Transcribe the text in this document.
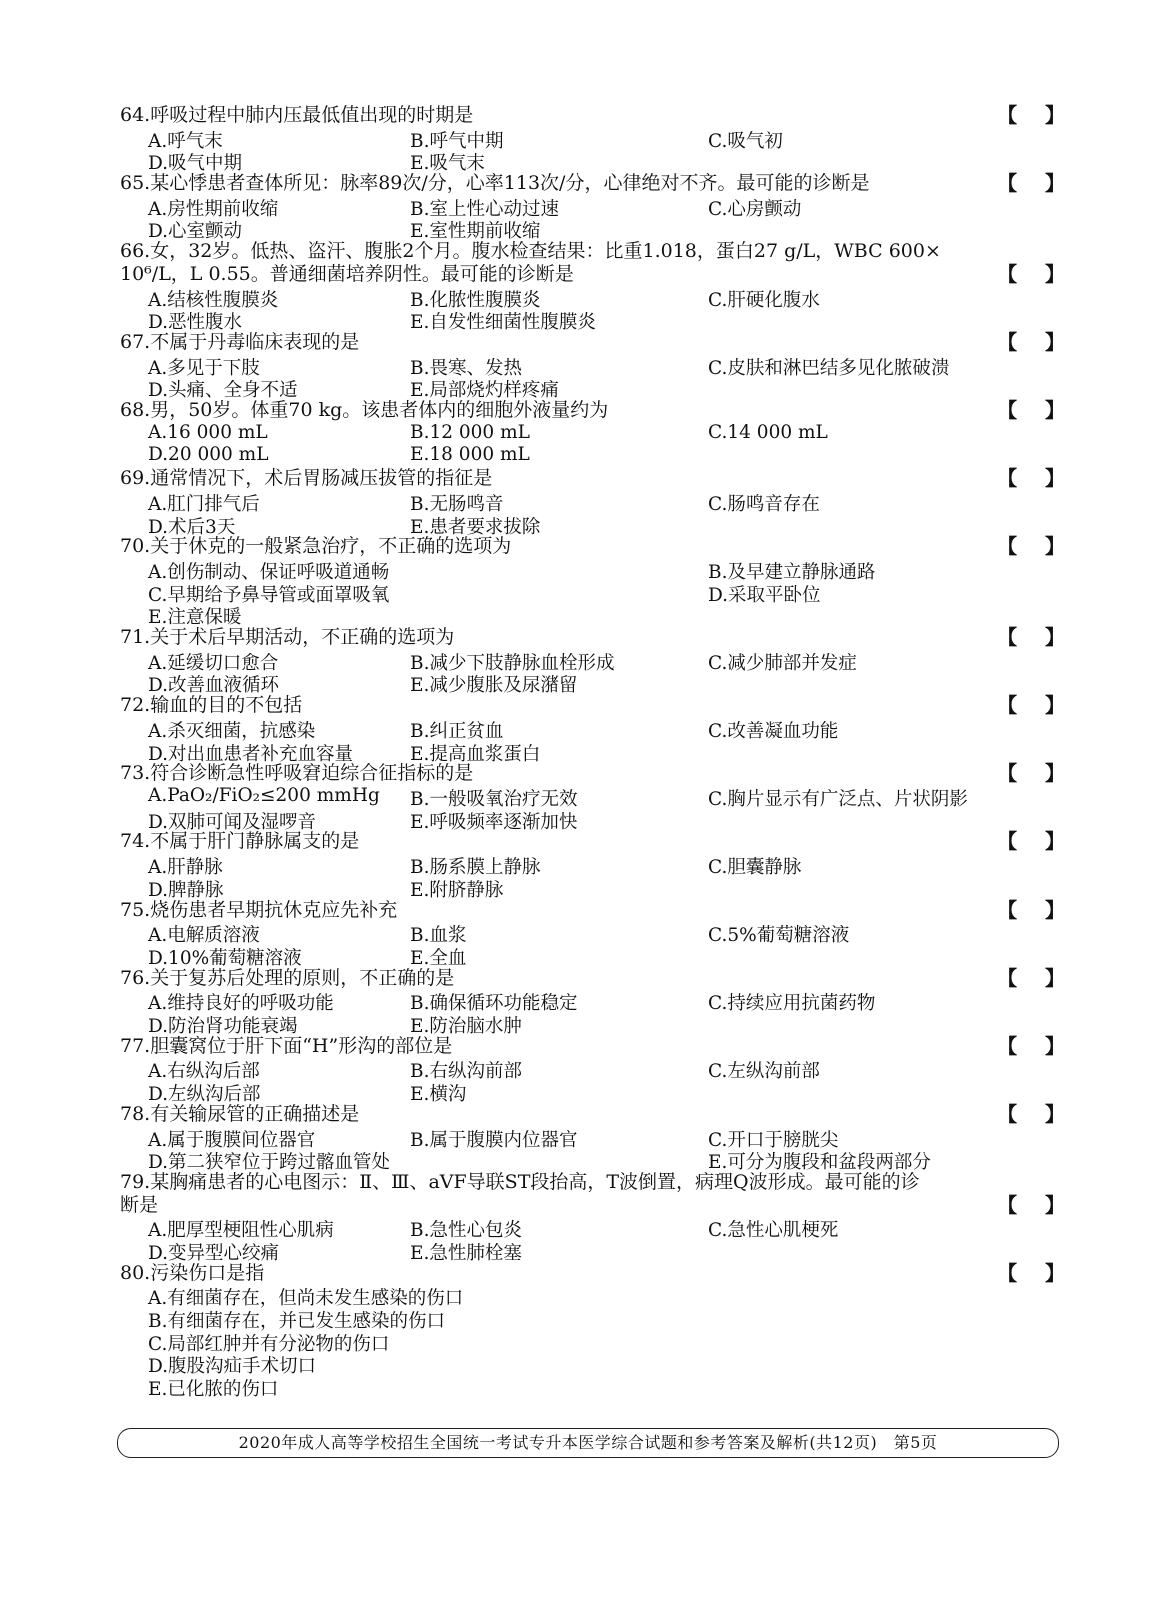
64.呼吸过程中肺内压最低值出现的时期是	【    】
A.呼气末	B.呼气中期	C.吸气初
D.吸气中期	E.吸气末
65.某心悸患者查体所见：脉率89次/分，心率113次/分，心律绝对不齐。最可能的诊断是	【    】
A.房性期前收缩	B.室上性心动过速	C.心房颤动
D.心室颤动	E.室性期前收缩
66.女，32岁。低热、盗汗、腹胀2个月。腹水检查结果：比重1.018，蛋白27 g/L，WBC 600×
10⁶/L，L 0.55。普通细菌培养阴性。最可能的诊断是	【    】
A.结核性腹膜炎	B.化脓性腹膜炎	C.肝硬化腹水
D.恶性腹水	E.自发性细菌性腹膜炎
67.不属于丹毒临床表现的是	【    】
A.多见于下肢	B.畏寒、发热	C.皮肤和淋巴结多见化脓破溃
D.头痛、全身不适	E.局部烧灼样疼痛
68.男，50岁。体重70 kg。该患者体内的细胞外液量约为	【    】
A.16 000 mL	B.12 000 mL	C.14 000 mL
D.20 000 mL	E.18 000 mL
69.通常情况下，术后胃肠减压拔管的指征是	【    】
A.肛门排气后	B.无肠鸣音	C.肠鸣音存在
D.术后3天	E.患者要求拔除
70.关于休克的一般紧急治疗，不正确的选项为	【    】
A.创伤制动、保证呼吸道通畅	B.及早建立静脉通路
C.早期给予鼻导管或面罩吸氧	D.采取平卧位
E.注意保暖
71.关于术后早期活动，不正确的选项为	【    】
A.延缓切口愈合	B.减少下肢静脉血栓形成	C.减少肺部并发症
D.改善血液循环	E.减少腹胀及尿潴留
72.输血的目的不包括	【    】
A.杀灭细菌，抗感染	B.纠正贫血	C.改善凝血功能
D.对出血患者补充血容量	E.提高血浆蛋白
73.符合诊断急性呼吸窘迫综合征指标的是	【    】
A.PaO₂/FiO₂≤200 mmHg B.一般吸氧治疗无效	C.胸片显示有广泛点、片状阴影
D.双肺可闻及湿啰音	E.呼吸频率逐渐加快
74.不属于肝门静脉属支的是	【    】
A.肝静脉	B.肠系膜上静脉	C.胆囊静脉
D.脾静脉	E.附脐静脉
75.烧伤患者早期抗休克应先补充	【    】
A.电解质溶液	B.血浆	C.5%葡萄糖溶液
D.10%葡萄糖溶液	E.全血
76.关于复苏后处理的原则，不正确的是	【    】
A.维持良好的呼吸功能	B.确保循环功能稳定	C.持续应用抗菌药物
D.防治肾功能衰竭	E.防治脑水肿
77.胆囊窝位于肝下面“H”形沟的部位是	【    】
A.右纵沟后部	B.右纵沟前部	C.左纵沟前部
D.左纵沟后部	E.横沟
78.有关输尿管的正确描述是	【    】
A.属于腹膜间位器官	B.属于腹膜内位器官	C.开口于膀胱尖
D.第二狭窄位于跨过髂血管处	E.可分为腹段和盆段两部分
79.某胸痛患者的心电图示：Ⅱ、Ⅲ、aVF导联ST段抬高，T波倒置，病理Q波形成。最可能的诊
断是	【    】
A.肥厚型梗阻性心肌病	B.急性心包炎	C.急性心肌梗死
D.变异型心绞痛	E.急性肺栓塞
80.污染伤口是指	【    】
A.有细菌存在，但尚未发生感染的伤口
B.有细菌存在，并已发生感染的伤口
C.局部红肿并有分泌物的伤口
D.腹股沟疝手术切口
E.已化脓的伤口
2020年成人高等学校招生全国统一考试专升本医学综合试题和参考答案及解析(共12页)　第5页
